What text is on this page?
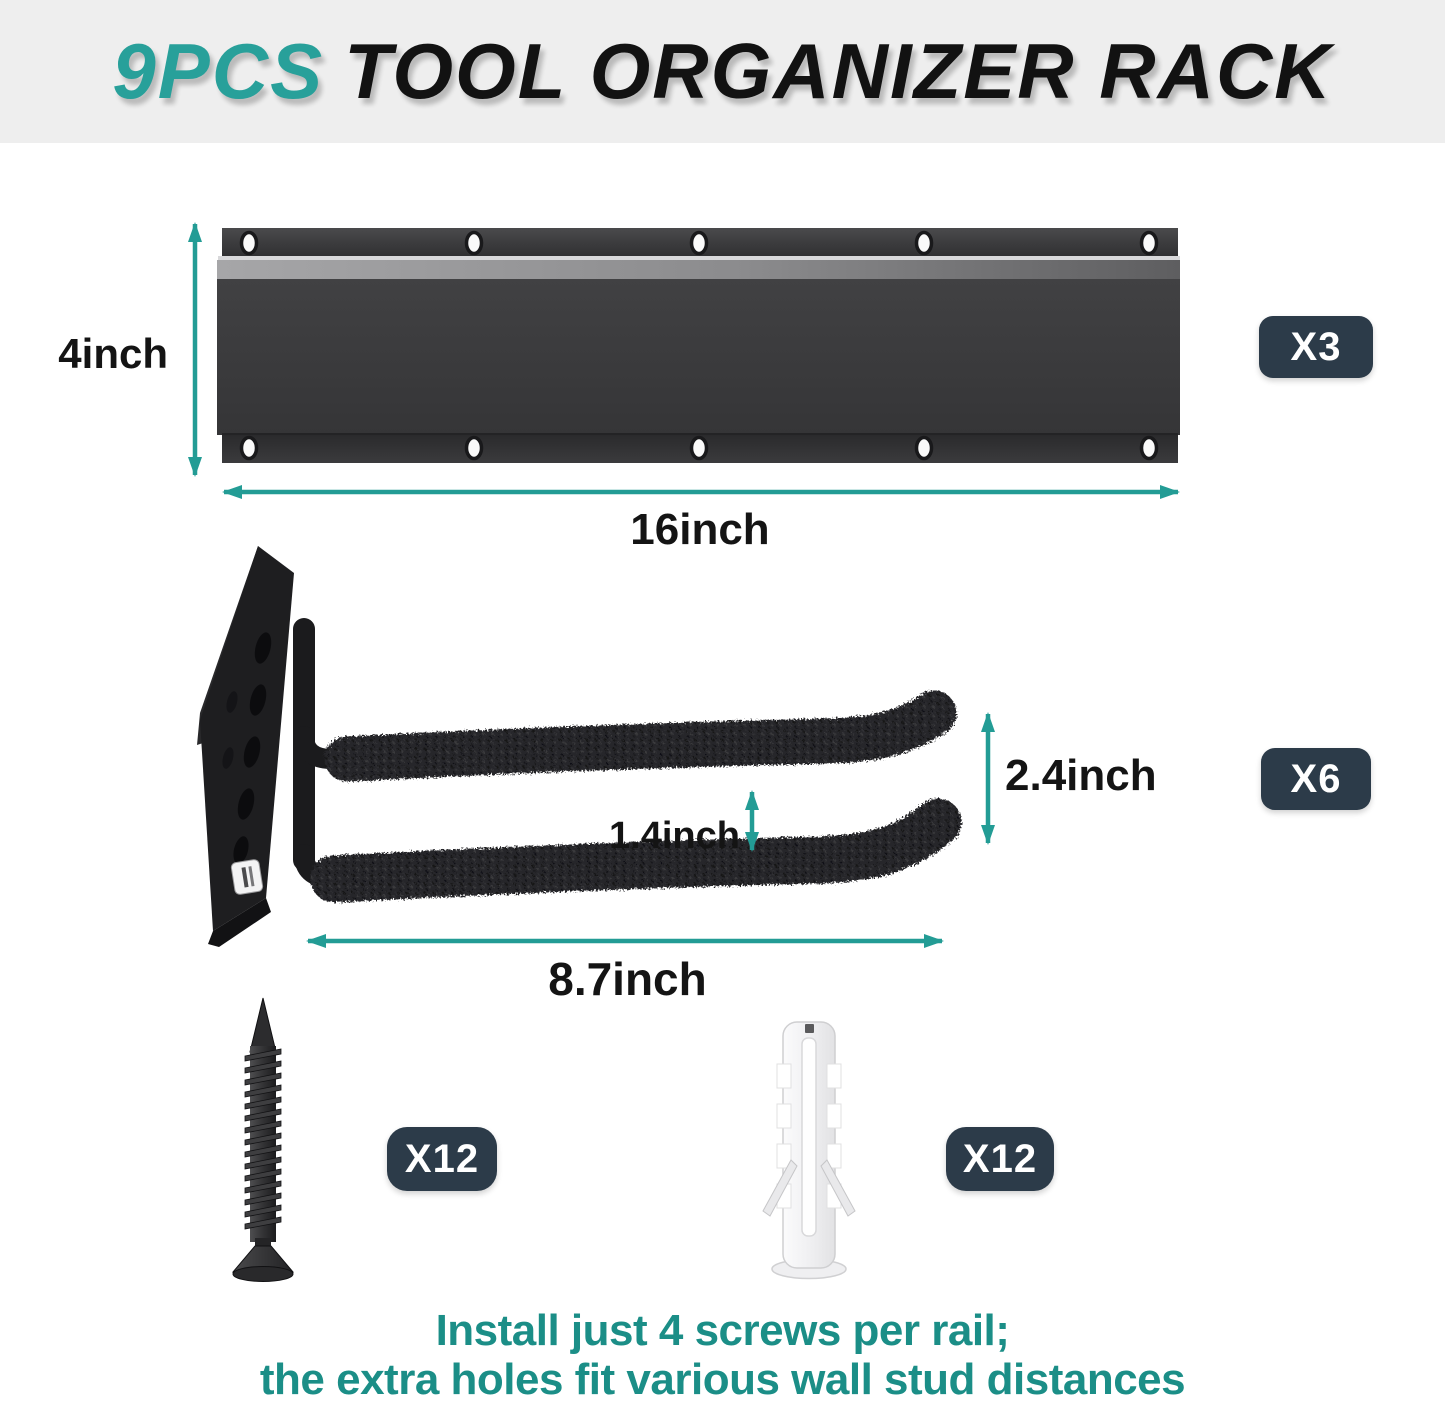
9PCS TOOL ORGANIZER RACK
4inch
16inch
2.4inch
1.4inch
8.7inch
X3
X6
X12	X12
Install just 4 screws per rail;
the extra holes fit various wall stud distances
